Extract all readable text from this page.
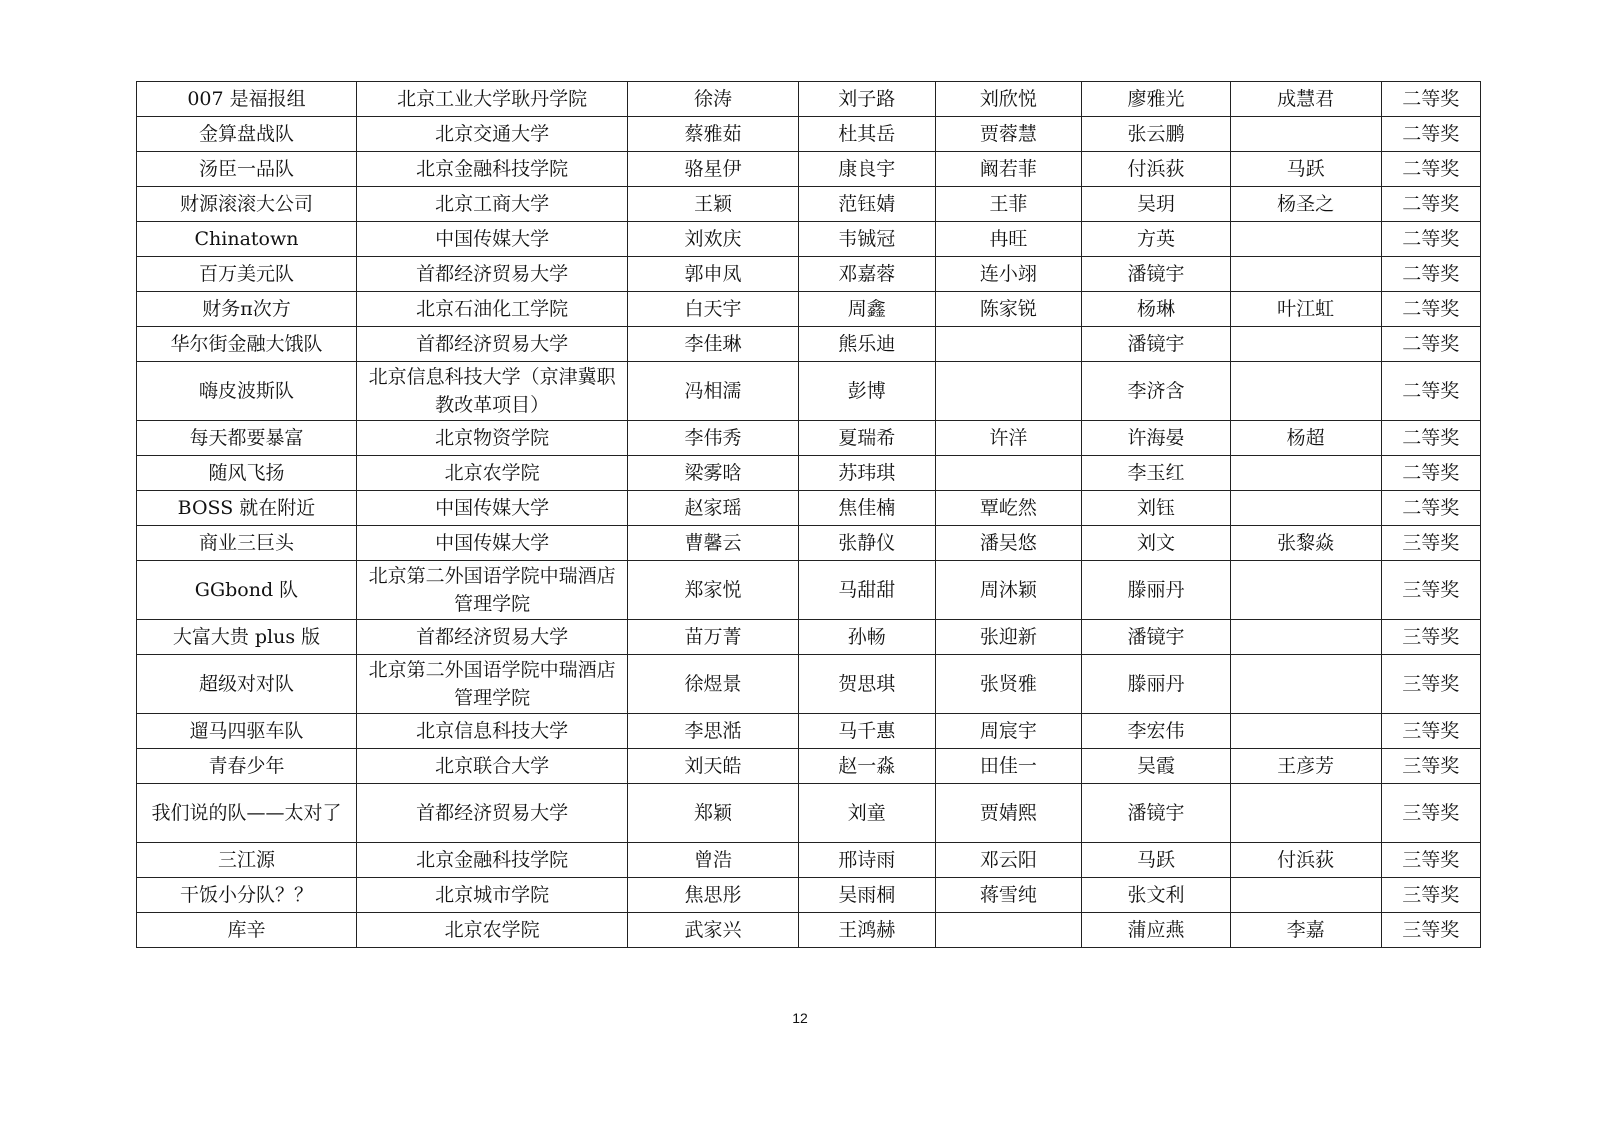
007 是福报组	北京工业大学耿丹学院	徐涛	刘子路	刘欣悦	廖雅光	成慧君	二等奖
金算盘战队	北京交通大学	蔡雅茹	杜其岳	贾蓉慧	张云鹏		二等奖
汤臣一品队	北京金融科技学院	骆星伊	康良宇	阚若菲	付浜荻	马跃	二等奖
财源滚滚大公司	北京工商大学	王颖	范钰婧	王菲	吴玥	杨圣之	二等奖
Chinatown	中国传媒大学	刘欢庆	韦铖冠	冉旺	方英		二等奖
百万美元队	首都经济贸易大学	郭申凤	邓嘉蓉	连小翊	潘镜宇		二等奖
财务π次方	北京石油化工学院	白天宇	周鑫	陈家锐	杨琳	叶江虹	二等奖
华尔街金融大饿队	首都经济贸易大学	李佳琳	熊乐迪		潘镜宇		二等奖
嗨皮波斯队	北京信息科技大学（京津冀职教改革项目）	冯相濡	彭博		李济含		二等奖
每天都要暴富	北京物资学院	李伟秀	夏瑞希	许洋	许海晏	杨超	二等奖
随风飞扬	北京农学院	梁雾晗	苏玮琪		李玉红		二等奖
BOSS 就在附近	中国传媒大学	赵家瑶	焦佳楠	覃屹然	刘钰		二等奖
商业三巨头	中国传媒大学	曹馨云	张静仪	潘吴悠	刘文	张黎焱	三等奖
GGbond 队	北京第二外国语学院中瑞酒店管理学院	郑家悦	马甜甜	周沐颖	滕丽丹		三等奖
大富大贵 plus 版	首都经济贸易大学	苗万菁	孙畅	张迎新	潘镜宇		三等奖
超级对对队	北京第二外国语学院中瑞酒店管理学院	徐煜景	贺思琪	张贤雅	滕丽丹		三等奖
遛马四驱车队	北京信息科技大学	李思湉	马千惠	周宸宇	李宏伟		三等奖
青春少年	北京联合大学	刘天皓	赵一淼	田佳一	吴霞	王彦芳	三等奖
我们说的队——太对了	首都经济贸易大学	郑颖	刘童	贾婧熙	潘镜宇		三等奖
三江源	北京金融科技学院	曾浩	邢诗雨	邓云阳	马跃	付浜荻	三等奖
干饭小分队？？	北京城市学院	焦思彤	吴雨桐	蒋雪纯	张文利		三等奖
库辛	北京农学院	武家兴	王鸿赫		蒲应燕	李嘉	三等奖
12
